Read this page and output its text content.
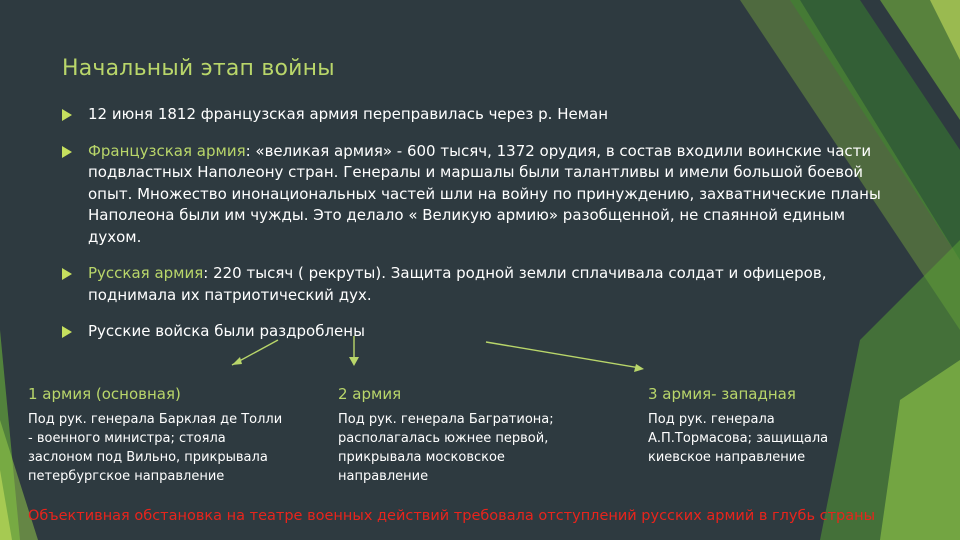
Начальный этап войны
12 июня 1812 французская армия переправилась через р. Неман
Французская армия: «великая армия» - 600 тысяч, 1372 орудия, в состав входили воинские части подвластных Наполеону стран. Генералы и маршалы были талантливы и имели большой боевой опыт. Множество инонациональных частей шли на войну по принуждению, захватнические планы Наполеона были им чужды. Это делало « Великую армию» разобщенной, не спаянной единым духом.
Русская армия: 220 тысяч ( рекруты). Защита родной земли сплачивала солдат и офицеров, поднимала их патриотический дух.
Русские войска были раздроблены
1 армия (основная)
Под рук. генерала Барклая де Толли - военного министра; стояла заслоном под Вильно, прикрывала петербургское направление
2 армия
Под рук. генерала Багратиона; располагалась южнее первой, прикрывала московское направление
3 армия- западная
Под рук. генерала А.П.Тормасова; защищала киевское направление
Объективная обстановка на театре военных действий требовала отступлений русских армий в глубь страны
